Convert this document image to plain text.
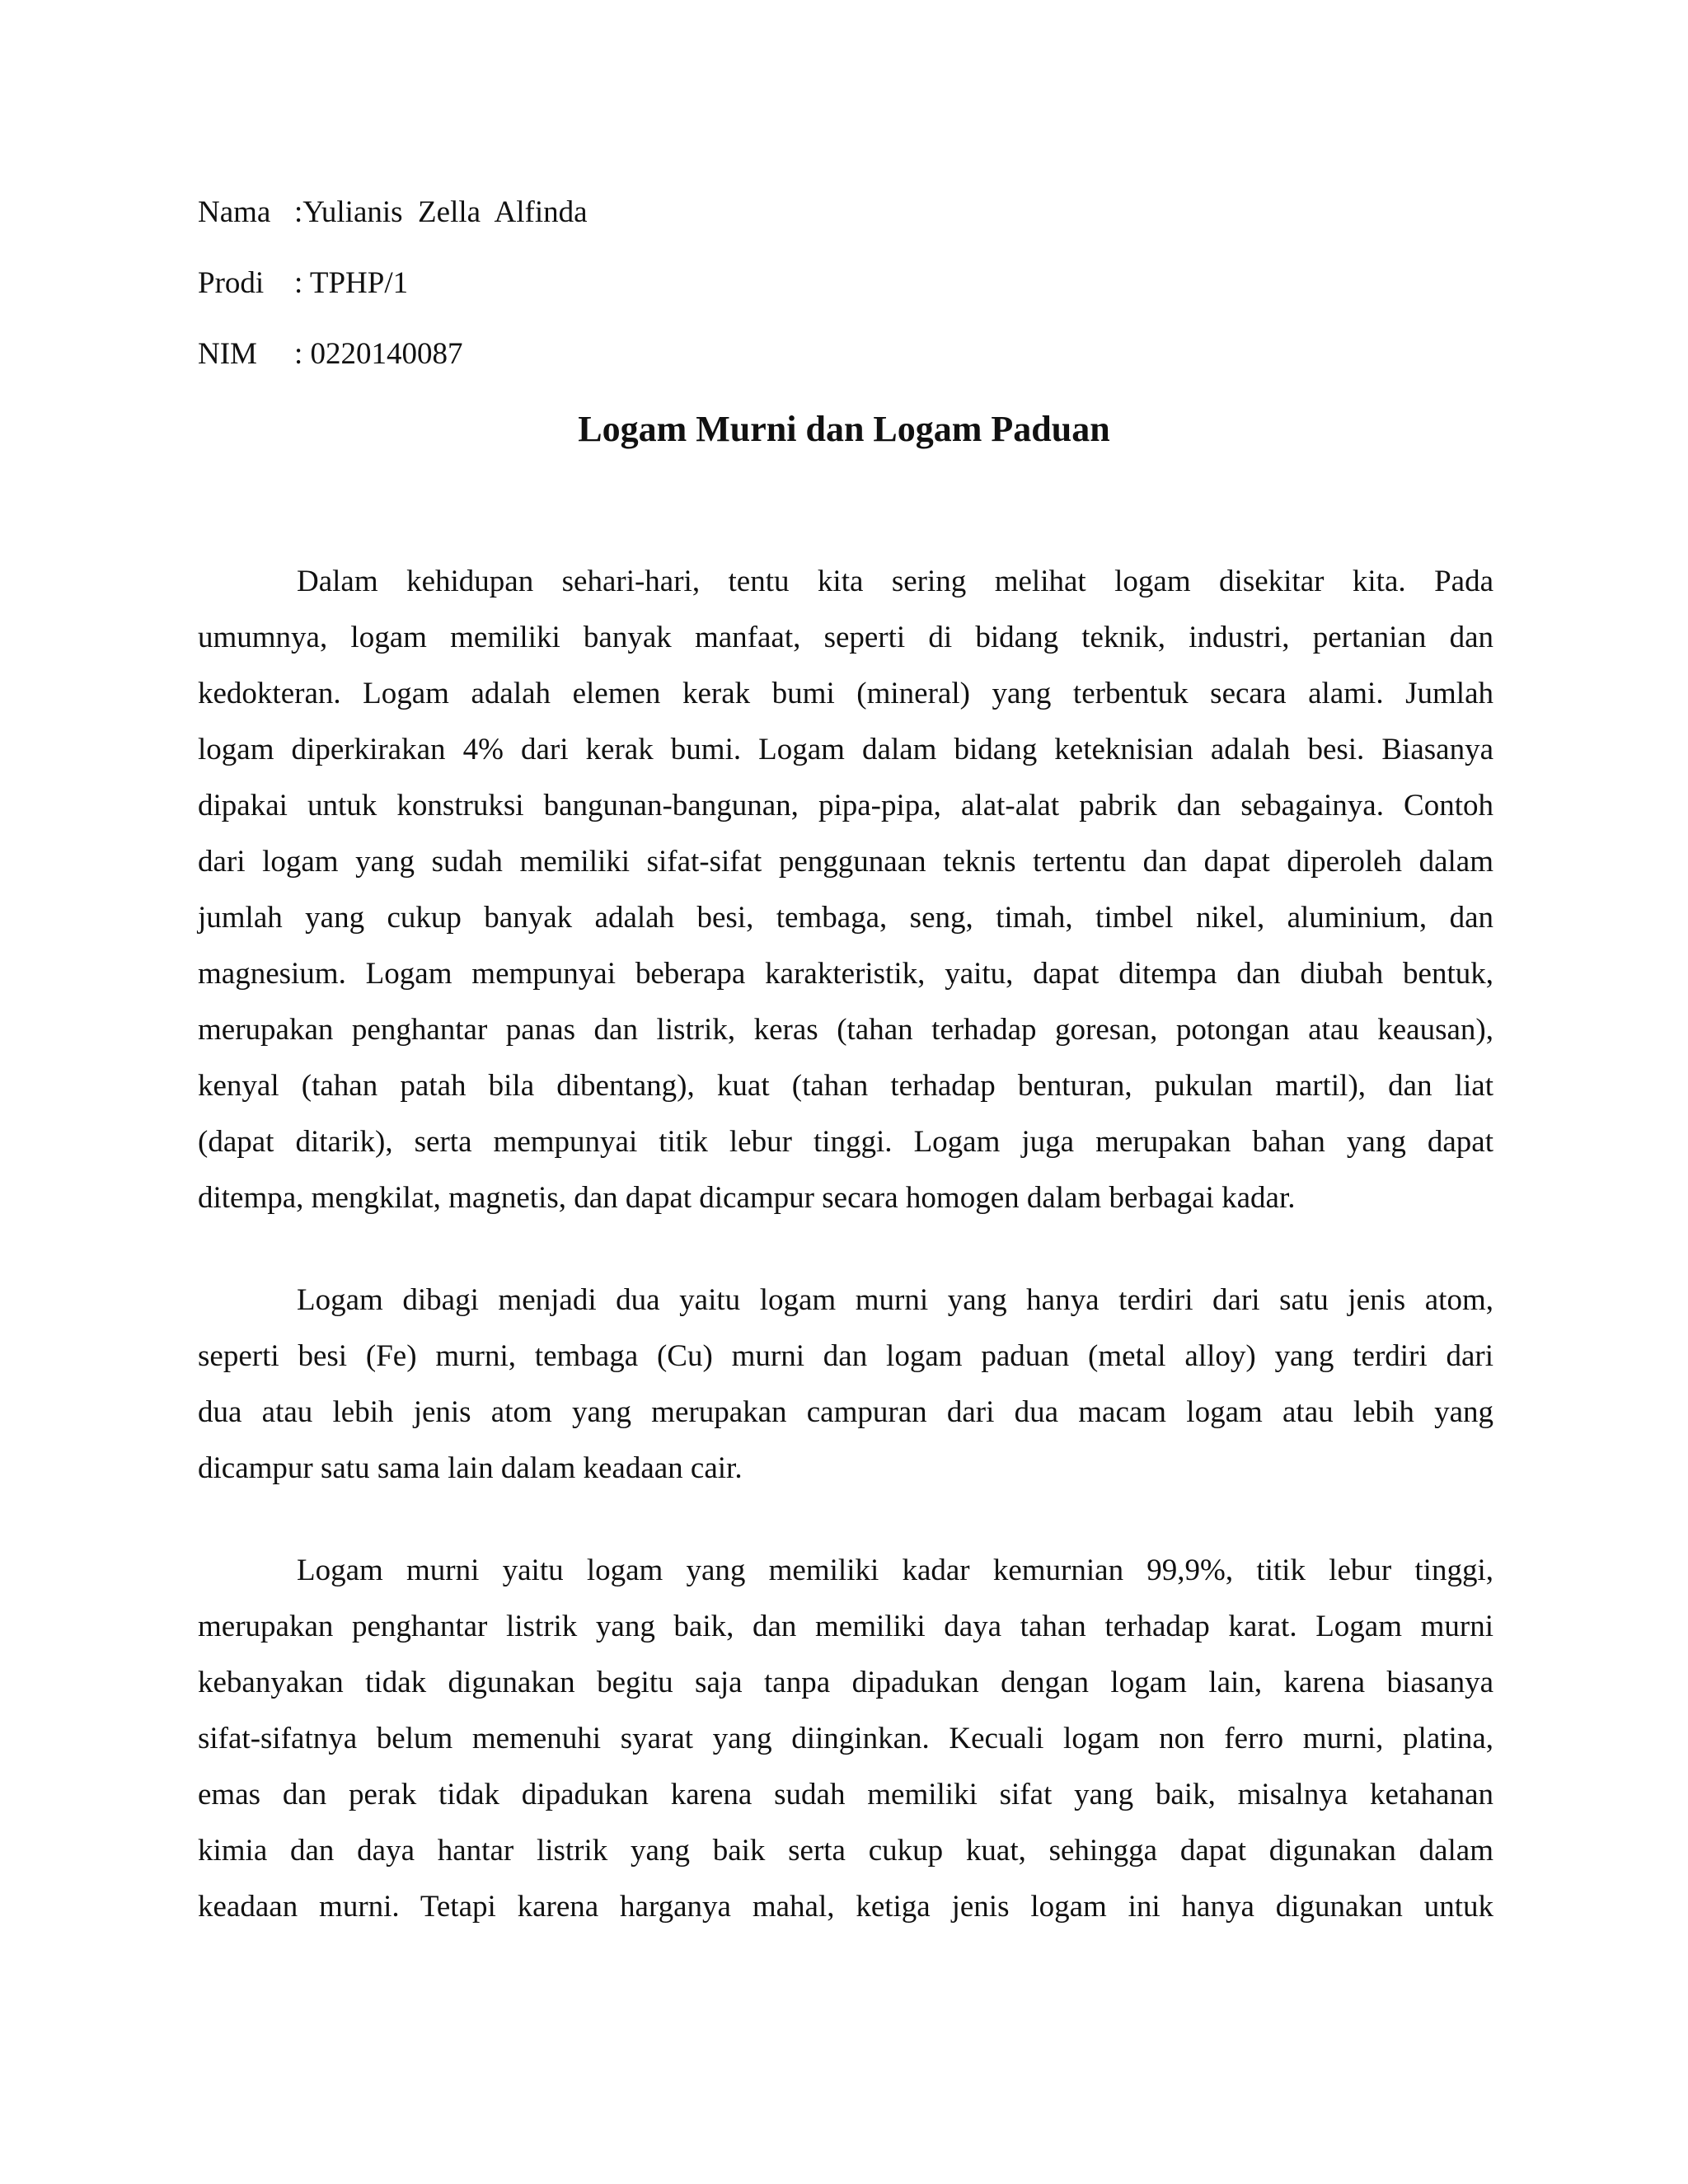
Nama :Yulianis  Zella  Alfinda
Prodi : TPHP/1
NIM : 0220140087
Logam Murni dan Logam Paduan
Dalam kehidupan sehari-hari, tentu kita sering melihat logam disekitar kita. Pada
umumnya, logam memiliki banyak manfaat, seperti di bidang teknik, industri, pertanian dan
kedokteran. Logam adalah elemen kerak bumi (mineral) yang terbentuk secara alami. Jumlah
logam diperkirakan 4% dari kerak bumi. Logam dalam bidang keteknisian adalah besi. Biasanya
dipakai untuk konstruksi bangunan-bangunan, pipa-pipa, alat-alat pabrik dan sebagainya. Contoh
dari logam yang sudah memiliki sifat-sifat penggunaan teknis tertentu dan dapat diperoleh dalam
jumlah yang cukup banyak adalah besi, tembaga, seng, timah, timbel nikel, aluminium, dan
magnesium. Logam mempunyai beberapa karakteristik, yaitu, dapat ditempa dan diubah bentuk,
merupakan penghantar panas dan listrik, keras (tahan terhadap goresan, potongan atau keausan),
kenyal (tahan patah bila dibentang), kuat (tahan terhadap benturan, pukulan martil), dan liat
(dapat ditarik), serta mempunyai titik lebur tinggi. Logam juga merupakan bahan yang dapat
ditempa, mengkilat, magnetis, dan dapat dicampur secara homogen dalam berbagai kadar.
Logam dibagi menjadi dua yaitu logam murni yang hanya terdiri dari satu jenis atom,
seperti besi (Fe) murni, tembaga (Cu) murni dan logam paduan (metal alloy) yang terdiri dari
dua atau lebih jenis atom yang merupakan campuran dari dua macam logam atau lebih yang
dicampur satu sama lain dalam keadaan cair.
Logam murni yaitu logam yang memiliki kadar kemurnian 99,9%, titik lebur tinggi,
merupakan penghantar listrik yang baik, dan memiliki daya tahan terhadap karat. Logam murni
kebanyakan tidak digunakan begitu saja tanpa dipadukan dengan logam lain, karena biasanya
sifat-sifatnya belum memenuhi syarat yang diinginkan. Kecuali logam non ferro murni, platina,
emas dan perak tidak dipadukan karena sudah memiliki sifat yang baik, misalnya ketahanan
kimia dan daya hantar listrik yang baik serta cukup kuat, sehingga dapat digunakan dalam
keadaan murni. Tetapi karena harganya mahal, ketiga jenis logam ini hanya digunakan untuk
